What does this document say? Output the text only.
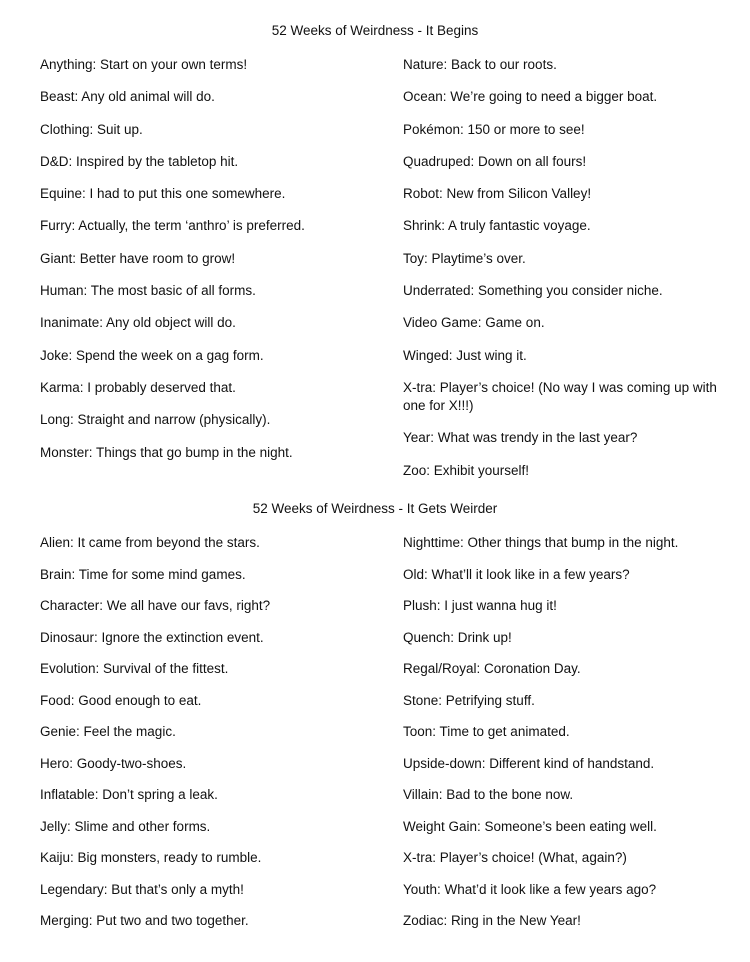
52 Weeks of Weirdness - It Begins
Anything: Start on your own terms!
Beast: Any old animal will do.
Clothing: Suit up.
D&D: Inspired by the tabletop hit.
Equine: I had to put this one somewhere.
Furry: Actually, the term ‘anthro’ is preferred.
Giant: Better have room to grow!
Human: The most basic of all forms.
Inanimate: Any old object will do.
Joke: Spend the week on a gag form.
Karma: I probably deserved that.
Long: Straight and narrow (physically).
Monster: Things that go bump in the night.
Nature: Back to our roots.
Ocean: We’re going to need a bigger boat.
Pokémon: 150 or more to see!
Quadruped: Down on all fours!
Robot: New from Silicon Valley!
Shrink: A truly fantastic voyage.
Toy: Playtime’s over.
Underrated: Something you consider niche.
Video Game: Game on.
Winged: Just wing it.
X-tra: Player’s choice! (No way I was coming up with one for X!!!)
Year: What was trendy in the last year?
Zoo: Exhibit yourself!
52 Weeks of Weirdness - It Gets Weirder
Alien: It came from beyond the stars.
Brain: Time for some mind games.
Character: We all have our favs, right?
Dinosaur: Ignore the extinction event.
Evolution: Survival of the fittest.
Food: Good enough to eat.
Genie: Feel the magic.
Hero: Goody-two-shoes.
Inflatable: Don’t spring a leak.
Jelly: Slime and other forms.
Kaiju: Big monsters, ready to rumble.
Legendary: But that’s only a myth!
Merging: Put two and two together.
Nighttime: Other things that bump in the night.
Old: What’ll it look like in a few years?
Plush: I just wanna hug it!
Quench: Drink up!
Regal/Royal: Coronation Day.
Stone: Petrifying stuff.
Toon: Time to get animated.
Upside-down: Different kind of handstand.
Villain: Bad to the bone now.
Weight Gain: Someone’s been eating well.
X-tra: Player’s choice! (What, again?)
Youth: What’d it look like a few years ago?
Zodiac: Ring in the New Year!
